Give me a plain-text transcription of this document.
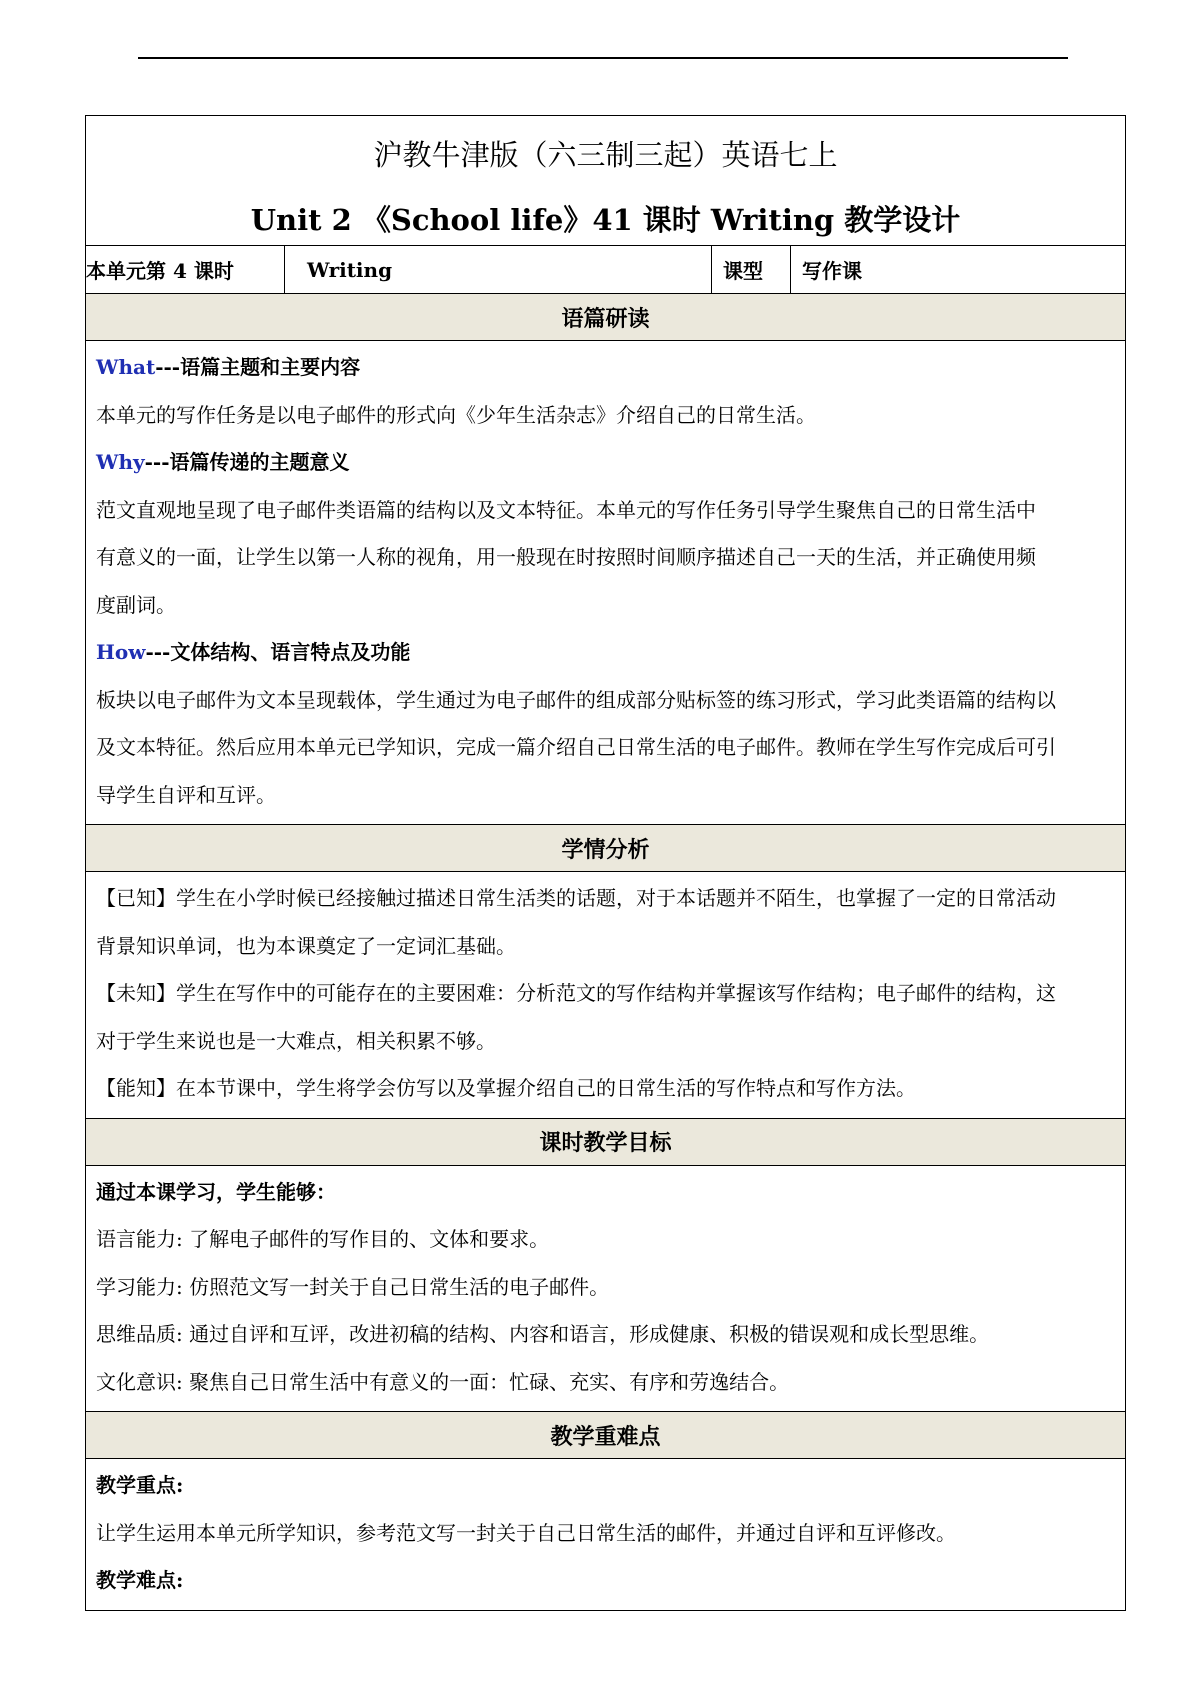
沪教牛津版（六三制三起）英语七上
Unit 2 《School life》41 课时 Writing 教学设计

本单元第 4 课时	Writing	课型	写作课
语篇研读

What---语篇主题和主要内容

本单元的写作任务是以电子邮件的形式向《少年生活杂志》介绍自己的日常生活。

Why---语篇传递的主题意义

范文直观地呈现了电子邮件类语篇的结构以及文本特征。本单元的写作任务引导学生聚焦自己的日常生活中

有意义的一面，让学生以第一人称的视角，用一般现在时按照时间顺序描述自己一天的生活，并正确使用频

度副词。

How---文体结构、语言特点及功能

板块以电子邮件为文本呈现载体，学生通过为电子邮件的组成部分贴标签的练习形式，学习此类语篇的结构以

及文本特征。然后应用本单元已学知识，完成一篇介绍自己日常生活的电子邮件。教师在学生写作完成后可引

导学生自评和互评。

学情分析

【已知】学生在小学时候已经接触过描述日常生活类的话题，对于本话题并不陌生，也掌握了一定的日常活动

背景知识单词，也为本课奠定了一定词汇基础。

【未知】学生在写作中的可能存在的主要困难：分析范文的写作结构并掌握该写作结构；电子邮件的结构，这

对于学生来说也是一大难点，相关积累不够。

【能知】在本节课中，学生将学会仿写以及掌握介绍自己的日常生活的写作特点和写作方法。

课时教学目标

通过本课学习，学生能够：

语言能力: 了解电子邮件的写作目的、文体和要求。

学习能力: 仿照范文写一封关于自己日常生活的电子邮件。

思维品质: 通过自评和互评，改进初稿的结构、内容和语言，形成健康、积极的错误观和成长型思维。

文化意识: 聚焦自己日常生活中有意义的一面：忙碌、充实、有序和劳逸结合。

教学重难点

教学重点:

让学生运用本单元所学知识，参考范文写一封关于自己日常生活的邮件，并通过自评和互评修改。

教学难点:
